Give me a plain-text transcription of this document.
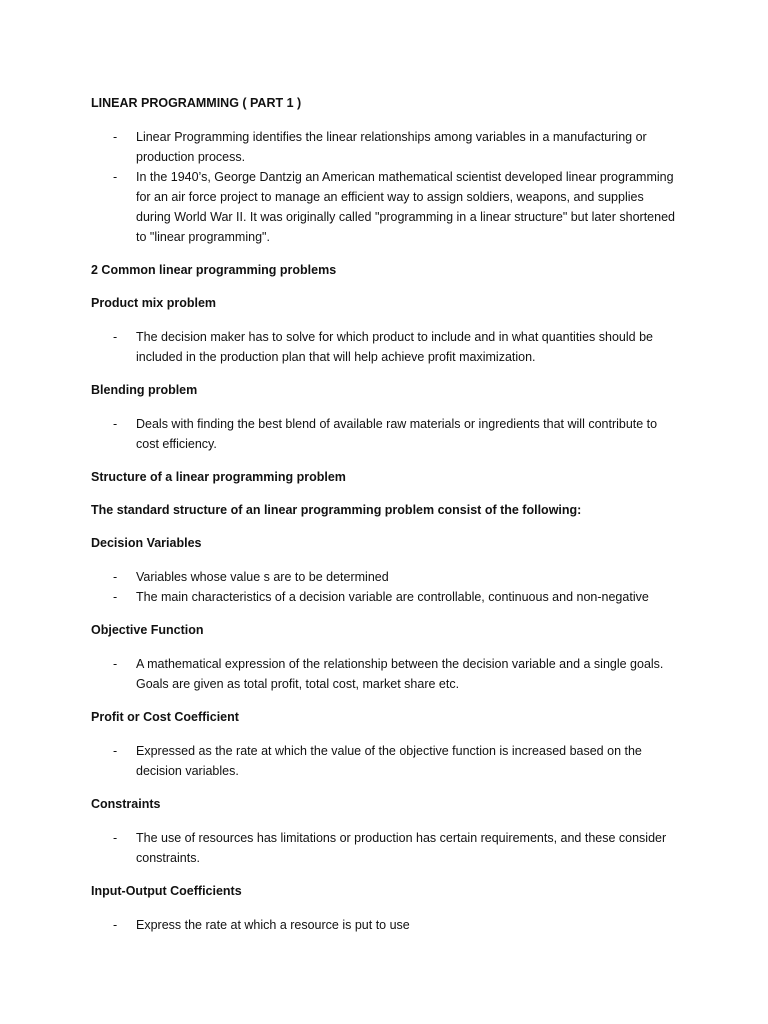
LINEAR PROGRAMMING ( PART 1 )
- Linear Programming identifies the linear relationships among variables in a manufacturing or production process.
- In the 1940’s, George Dantzig an American mathematical scientist developed linear programming for an air force project to manage an efficient way to assign soldiers, weapons, and supplies during World War II. It was originally called "programming in a linear structure" but later shortened to "linear programming".
2 Common linear programming problems
Product mix problem
- The decision maker has to solve for which product to include and in what quantities should be included in the production plan that will help achieve profit maximization.
Blending problem
- Deals with finding the best blend of available raw materials or ingredients that will contribute to cost efficiency.
Structure of a linear programming problem
The standard structure of an linear programming problem consist of the following:
Decision Variables
- Variables whose value s are to be determined
- The main characteristics of a decision variable are controllable, continuous and non-negative
Objective Function
- A mathematical expression of the relationship between the decision variable and a single goals. Goals are given as total profit, total cost, market share etc.
Profit or Cost Coefficient
- Expressed as the rate at which the value of the objective function is increased based on the decision variables.
Constraints
- The use of resources has limitations or production has certain requirements, and these consider constraints.
Input-Output Coefficients
- Express the rate at which a resource is put to use
